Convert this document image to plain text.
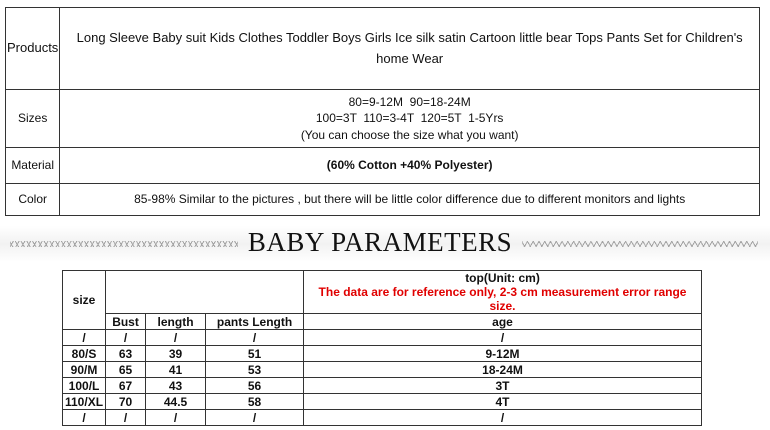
Products	Long Sleeve Baby suit Kids Clothes Toddler Boys Girls Ice silk satin Cartoon little bear Tops Pants Set for Children's home Wear
Sizes	80=9-12M  90=18-24M
100=3T  110=3-4T  120=5T  1-5Yrs
(You can choose the size what you want)

Material	(60% Cotton +40% Polyester)
Color	85-98% Similar to the pictures , but there will be little color difference due to different monitors and lights
BABY PARAMETERS
size				top(Unit: cm)
The data are for reference only, 2-3 cm measurement error range size.

	Bust	length	pants Length	age
/	/	/	/	/
80/S	63	39	51	9-12M
90/M	65	41	53	18-24M
100/L	67	43	56	3T
110/XL	70	44.5	58	4T
/	/	/	/	/
